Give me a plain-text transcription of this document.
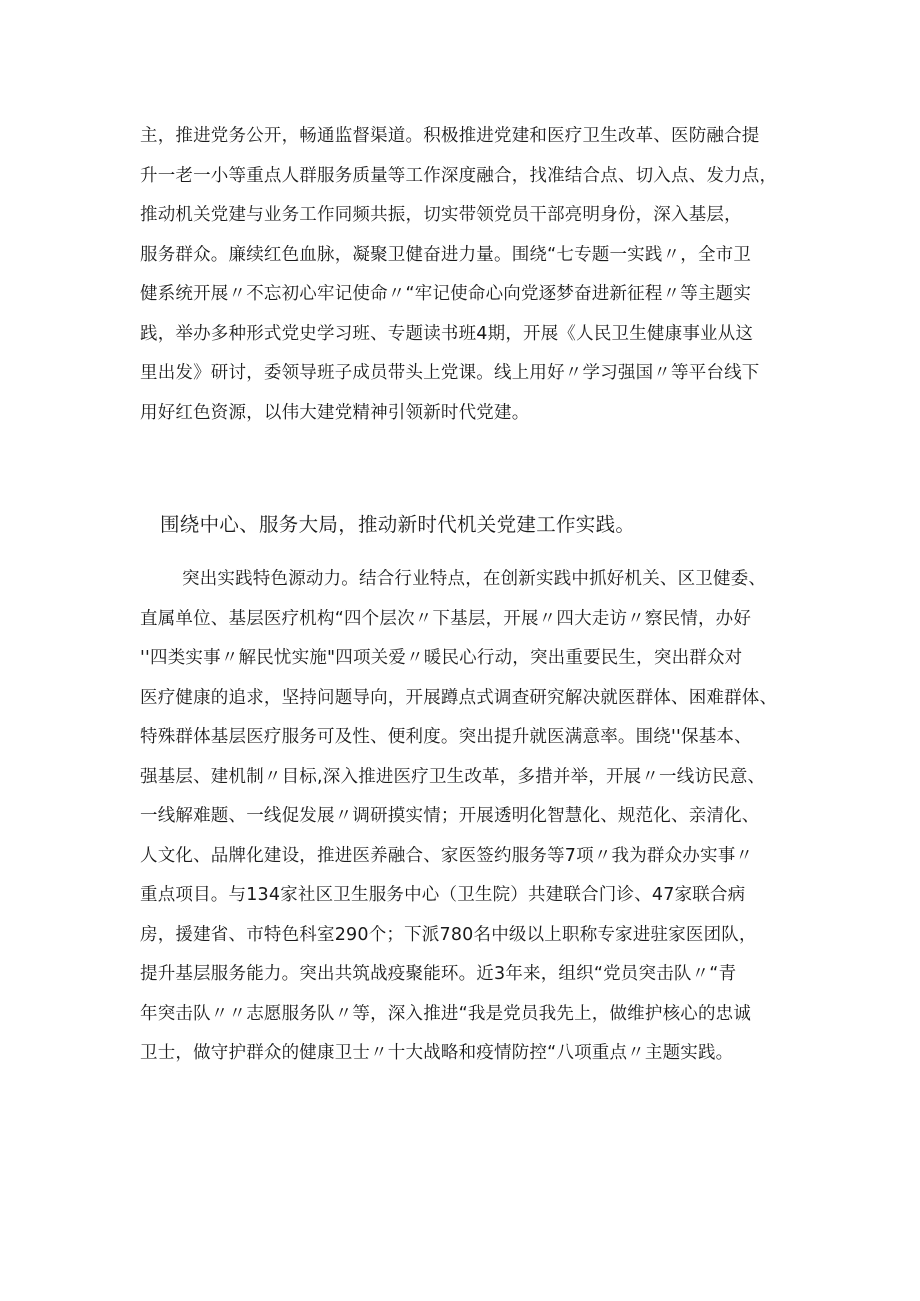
主，推进党务公开，畅通监督渠道。积极推进党建和医疗卫生改革、医防融合提
升一老一小等重点人群服务质量等工作深度融合，找准结合点、切入点、发力点，
推动机关党建与业务工作同频共振，切实带领党员干部亮明身份，深入基层，
服务群众。廉续红色血脉，凝聚卫健奋进力量。围绕“七专题一实践〃，全市卫
健系统开展〃不忘初心牢记使命〃“牢记使命心向党逐梦奋进新征程〃等主题实
践，举办多种形式党史学习班、专题读书班4期，开展《人民卫生健康事业从这
里出发》研讨，委领导班子成员带头上党课。线上用好〃学习强国〃等平台线下
用好红色资源，以伟大建党精神引领新时代党建。
围绕中心、服务大局，推动新时代机关党建工作实践。
突出实践特色源动力。结合行业特点，在创新实践中抓好机关、区卫健委、
直属单位、基层医疗机构“四个层次〃下基层，开展〃四大走访〃察民情，办好
''四类实事〃解民忧实施"四项关爱〃暖民心行动，突出重要民生，突出群众对
医疗健康的追求，坚持问题导向，开展蹲点式调查研究解决就医群体、困难群体、
特殊群体基层医疗服务可及性、便利度。突出提升就医满意率。围绕''保基本、
强基层、建机制〃目标,深入推进医疗卫生改革，多措并举，开展〃一线访民意、
一线解难题、一线促发展〃调研摸实情；开展透明化智慧化、规范化、亲清化、
人文化、品牌化建设，推进医养融合、家医签约服务等7项〃我为群众办实事〃
重点项目。与134家社区卫生服务中心（卫生院）共建联合门诊、47家联合病
房，援建省、市特色科室290个；下派780名中级以上职称专家进驻家医团队，
提升基层服务能力。突出共筑战疫聚能环。近3年来，组织“党员突击队〃“青
年突击队〃〃志愿服务队〃等，深入推进“我是党员我先上，做维护核心的忠诚
卫士，做守护群众的健康卫士〃十大战略和疫情防控“八项重点〃主题实践。
